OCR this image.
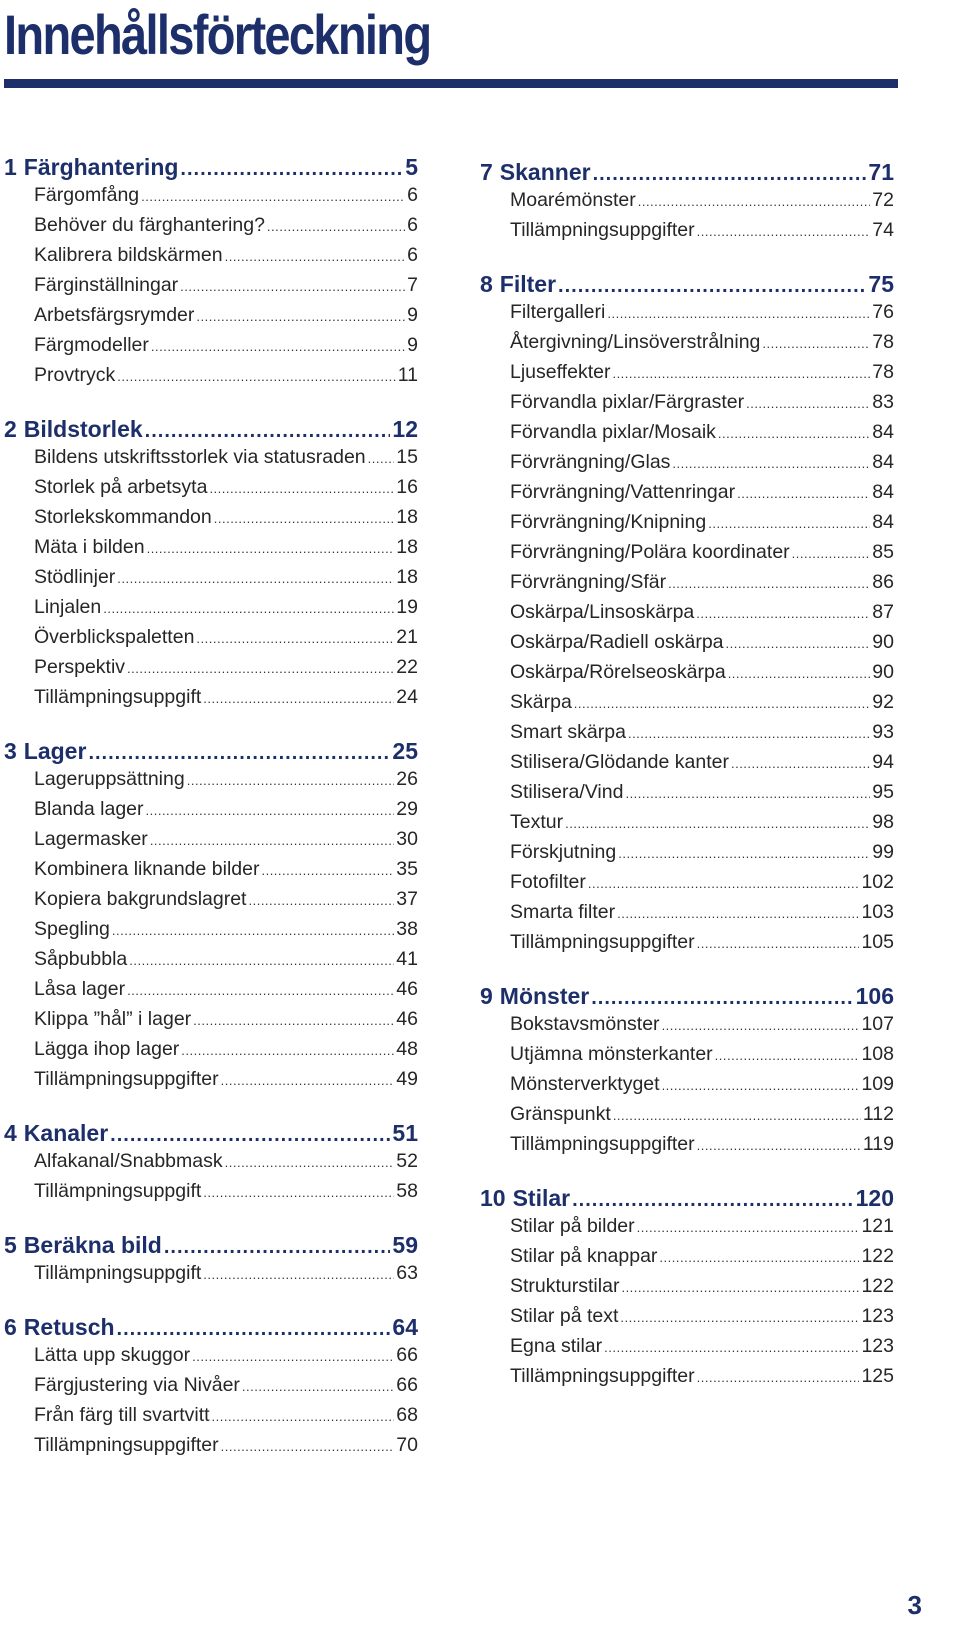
Innehållsförteckning
1 Färghantering .....	5
Färgomfång .....	6
Behöver du färghantering? .....	6
Kalibrera bildskärmen .....	6
Färginställningar .....	7
Arbetsfärgsrymder .....	9
Färgmodeller .....	9
Provtryck .....	11
2 Bildstorlek .....	12
Bildens utskriftsstorlek via statusraden ..... 15
Storlek på arbetsyta .....	16
Storlekskommandon .....	18
Mäta i bilden .....	18
Stödlinjer .....	18
Linjalen .....	19
Överblickspaletten .....	21
Perspektiv .....	22
Tillämpningsuppgift .....	24
3 Lager .....	25
Lageruppsättning .....	26
Blanda lager .....	29
Lagermasker .....	30
Kombinera liknande bilder .....	35
Kopiera bakgrundslagret .....	37
Spegling .....	38
Såpbubbla .....	41
Låsa lager .....	46
Klippa ”hål” i lager .....	46
Lägga ihop lager .....	48
Tillämpningsuppgifter .....	49
4 Kanaler .....	51
Alfakanal/Snabbmask .....	52
Tillämpningsuppgift .....	58
5 Beräkna bild .....	59
Tillämpningsuppgift .....	63
6 Retusch .....	64
Lätta upp skuggor .....	66
Färgjustering via Nivåer .....	66
Från färg till svartvitt .....	68
Tillämpningsuppgifter .....	70
7 Skanner .....	71
Moarémönster .....	72
Tillämpningsuppgifter .....	74
8 Filter .....	75
Filtergalleri .....	76
Återgivning/Linsöverstrålning .....	78
Ljuseffekter .....	78
Förvandla pixlar/Färgraster .....	83
Förvandla pixlar/Mosaik .....	84
Förvrängning/Glas .....	84
Förvrängning/Vattenringar .....	84
Förvrängning/Knipning .....	84
Förvrängning/Polära koordinater .....	85
Förvrängning/Sfär .....	86
Oskärpa/Linsoskärpa .....	87
Oskärpa/Radiell oskärpa .....	90
Oskärpa/Rörelseoskärpa .....	90
Skärpa .....	92
Smart skärpa .....	93
Stilisera/Glödande kanter .....	94
Stilisera/Vind .....	95
Textur .....	98
Förskjutning .....	99
Fotofilter .....	102
Smarta filter .....	103
Tillämpningsuppgifter .....	105
9 Mönster .....	106
Bokstavsmönster .....	107
Utjämna mönsterkanter .....	108
Mönsterverktyget .....	109
Gränspunkt .....	112
Tillämpningsuppgifter .....	119
10 Stilar .....	120
Stilar på bilder .....	121
Stilar på knappar .....	122
Strukturstilar .....	122
Stilar på text .....	123
Egna stilar .....	123
Tillämpningsuppgifter .....	125
3
